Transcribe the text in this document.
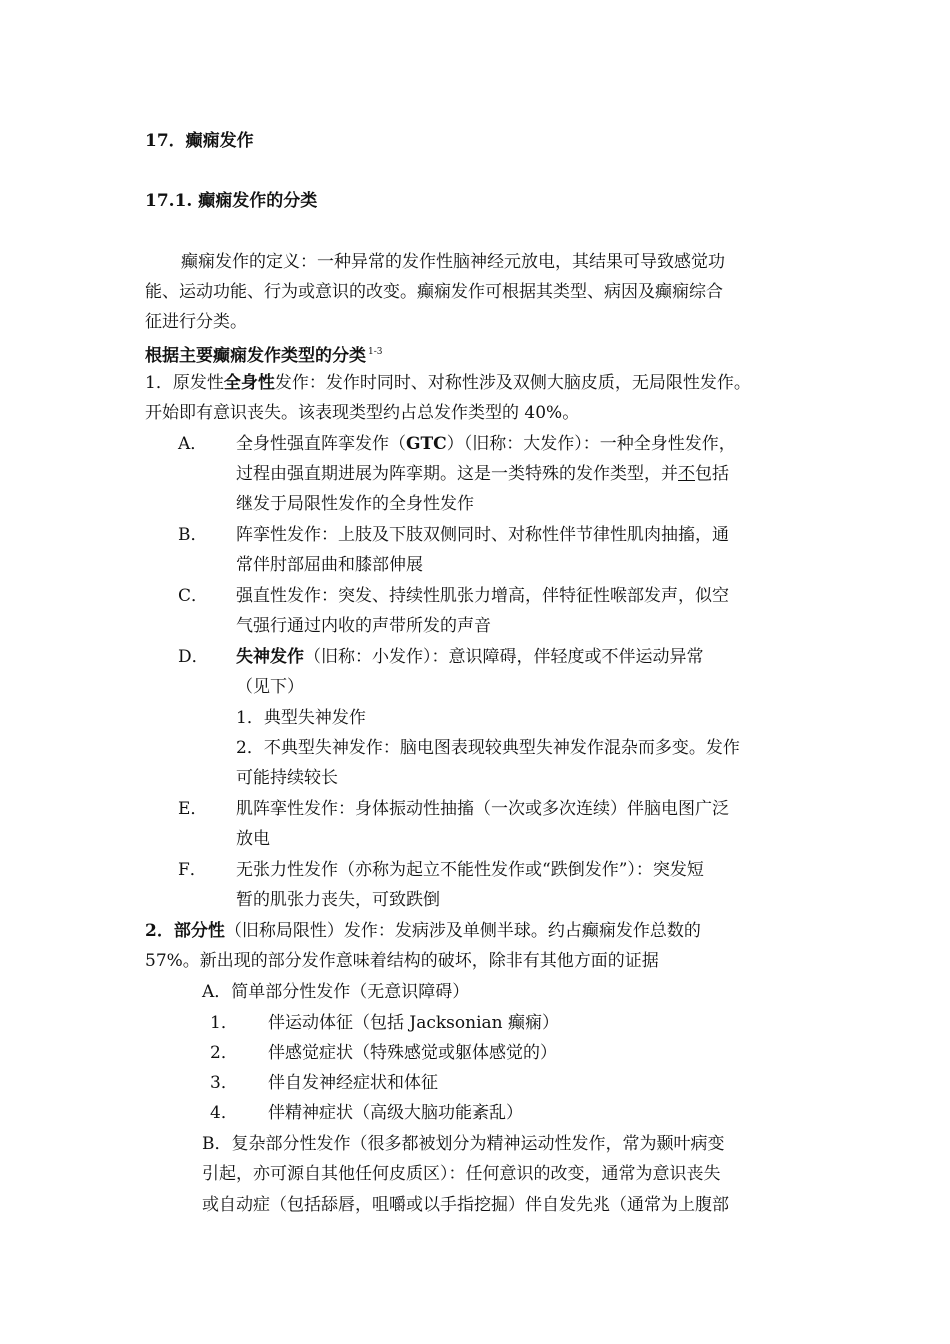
17．癫痫发作
17.1. 癫痫发作的分类
癫痫发作的定义：一种异常的发作性脑神经元放电，其结果可导致感觉功
能、运动功能、行为或意识的改变。癫痫发作可根据其类型、病因及癫痫综合
征进行分类。
根据主要癫痫发作类型的分类 $^{1-3}$
1．原发性全身性发作：发作时同时、对称性涉及双侧大脑皮质，无局限性发作。
开始即有意识丧失。该表现类型约占总发作类型的 40%。
A． 全身性强直阵挛发作（GTC）（旧称：大发作）：一种全身性发作，
过程由强直期进展为阵挛期。这是一类特殊的发作类型，并不包括
继发于局限性发作的全身性发作
B． 阵挛性发作：上肢及下肢双侧同时、对称性伴节律性肌肉抽搐，通
常伴肘部屈曲和膝部伸展
C． 强直性发作：突发、持续性肌张力增高，伴特征性喉部发声，似空
气强行通过内收的声带所发的声音
D． 失神发作（旧称：小发作）：意识障碍，伴轻度或不伴运动异常
（见下）
1．典型失神发作
2．不典型失神发作：脑电图表现较典型失神发作混杂而多变。发作
可能持续较长
E． 肌阵挛性发作：身体振动性抽搐（一次或多次连续）伴脑电图广泛
放电
F． 无张力性发作（亦称为起立不能性发作或“跌倒发作”）：突发短
暂的肌张力丧失，可致跌倒
2．部分性（旧称局限性）发作：发病涉及单侧半球。约占癫痫发作总数的
57%。新出现的部分发作意味着结构的破坏，除非有其他方面的证据
A．简单部分性发作（无意识障碍）
1． 伴运动体征（包括 Jacksonian 癫痫）
2． 伴感觉症状（特殊感觉或躯体感觉的）
3． 伴自发神经症状和体征
4． 伴精神症状（高级大脑功能紊乱）
B．复杂部分性发作（很多都被划分为精神运动性发作，常为颞叶病变
引起，亦可源自其他任何皮质区）：任何意识的改变，通常为意识丧失
或自动症（包括舔唇，咀嚼或以手指挖掘）伴自发先兆（通常为上腹部
